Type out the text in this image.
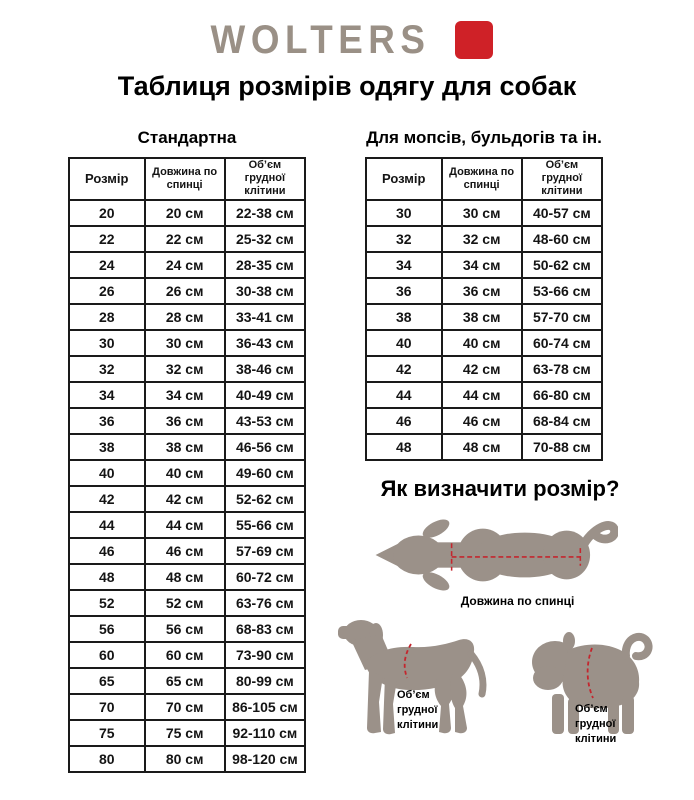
WOLTERS
Таблиця розмірів одягу для собак
Стандартна
Розмір	Довжина по спинці	Об’єм грудної клітини
20	20 см	22-38 см
22	22 см	25-32 см
24	24 см	28-35 см
26	26 см	30-38 см
28	28 см	33-41 см
30	30 см	36-43 см
32	32 см	38-46 см
34	34 см	40-49 см
36	36 см	43-53 см
38	38 см	46-56 см
40	40 см	49-60 см
42	42 см	52-62 см
44	44 см	55-66 см
46	46 см	57-69 см
48	48 см	60-72 см
52	52 см	63-76 см
56	56 см	68-83 см
60	60 см	73-90 см
65	65 см	80-99 см
70	70 см	86-105 см
75	75 см	92-110 см
80	80 см	98-120 см
Для мопсів, бульдогів та ін.
Розмір	Довжина по спинці	Об’єм грудної клітини
30	30 см	40-57 см
32	32 см	48-60 см
34	34 см	50-62 см
36	36 см	53-66 см
38	38 см	57-70 см
40	40 см	60-74 см
42	42 см	63-78 см
44	44 см	66-80 см
46	46 см	68-84 см
48	48 см	70-88 см
Як визначити розмір?
Довжина по спинці
Об’єм
грудної
клітини
Об’єм
грудної
клітини
